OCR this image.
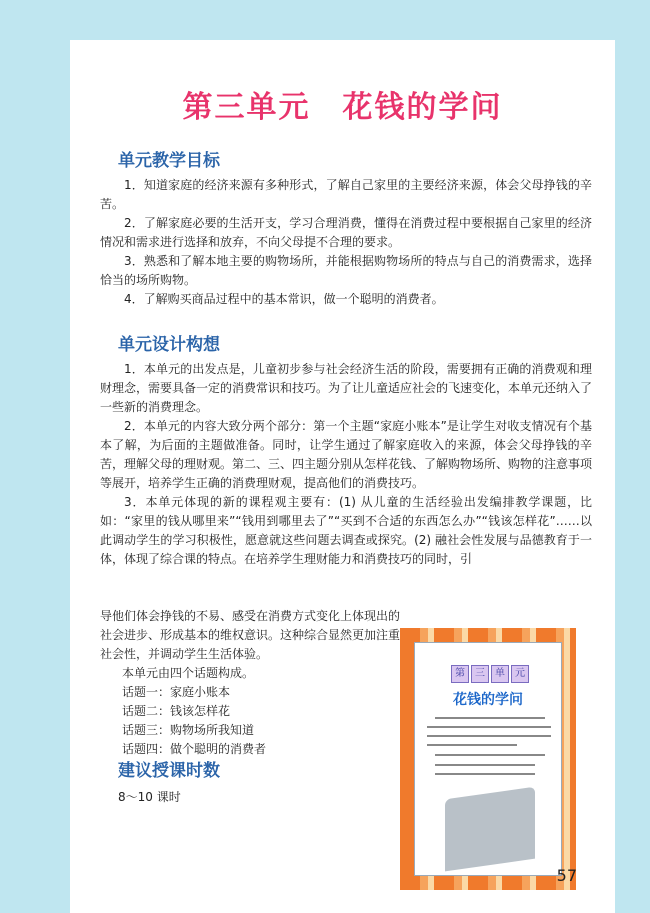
第三单元　花钱的学问
单元教学目标
1．知道家庭的经济来源有多种形式，了解自己家里的主要经济来源，体会父母挣钱的辛苦。
2．了解家庭必要的生活开支，学习合理消费，懂得在消费过程中要根据自己家里的经济情况和需求进行选择和放弃，不向父母提不合理的要求。
3．熟悉和了解本地主要的购物场所，并能根据购物场所的特点与自己的消费需求，选择恰当的场所购物。
4．了解购买商品过程中的基本常识，做一个聪明的消费者。
单元设计构想
1．本单元的出发点是，儿童初步参与社会经济生活的阶段，需要拥有正确的消费观和理财理念，需要具备一定的消费常识和技巧。为了让儿童适应社会的飞速变化，本单元还纳入了一些新的消费理念。
2．本单元的内容大致分两个部分：第一个主题“家庭小账本”是让学生对收支情况有个基本了解，为后面的主题做准备。同时，让学生通过了解家庭收入的来源，体会父母挣钱的辛苦，理解父母的理财观。第二、三、四主题分别从怎样花钱、了解购物场所、购物的注意事项等展开，培养学生正确的消费理财观，提高他们的消费技巧。
3．本单元体现的新的课程观主要有：(1) 从儿童的生活经验出发编排教学课题，比如：“家里的钱从哪里来”“钱用到哪里去了”“买到不合适的东西怎么办”“钱该怎样花”……以此调动学生的学习积极性，愿意就这些问题去调查或探究。(2) 融社会性发展与品德教育于一体，体现了综合课的特点。在培养学生理财能力和消费技巧的同时，引
导他们体会挣钱的不易、感受在消费方式变化上体现出的社会进步、形成基本的维权意识。这种综合显然更加注重社会性，并调动学生生活体验。
本单元由四个话题构成。
话题一：家庭小账本
话题二：钱该怎样花
话题三：购物场所我知道
话题四：做个聪明的消费者
建议授课时数
8～10 课时
第	三	单	元
花钱的学问
57
